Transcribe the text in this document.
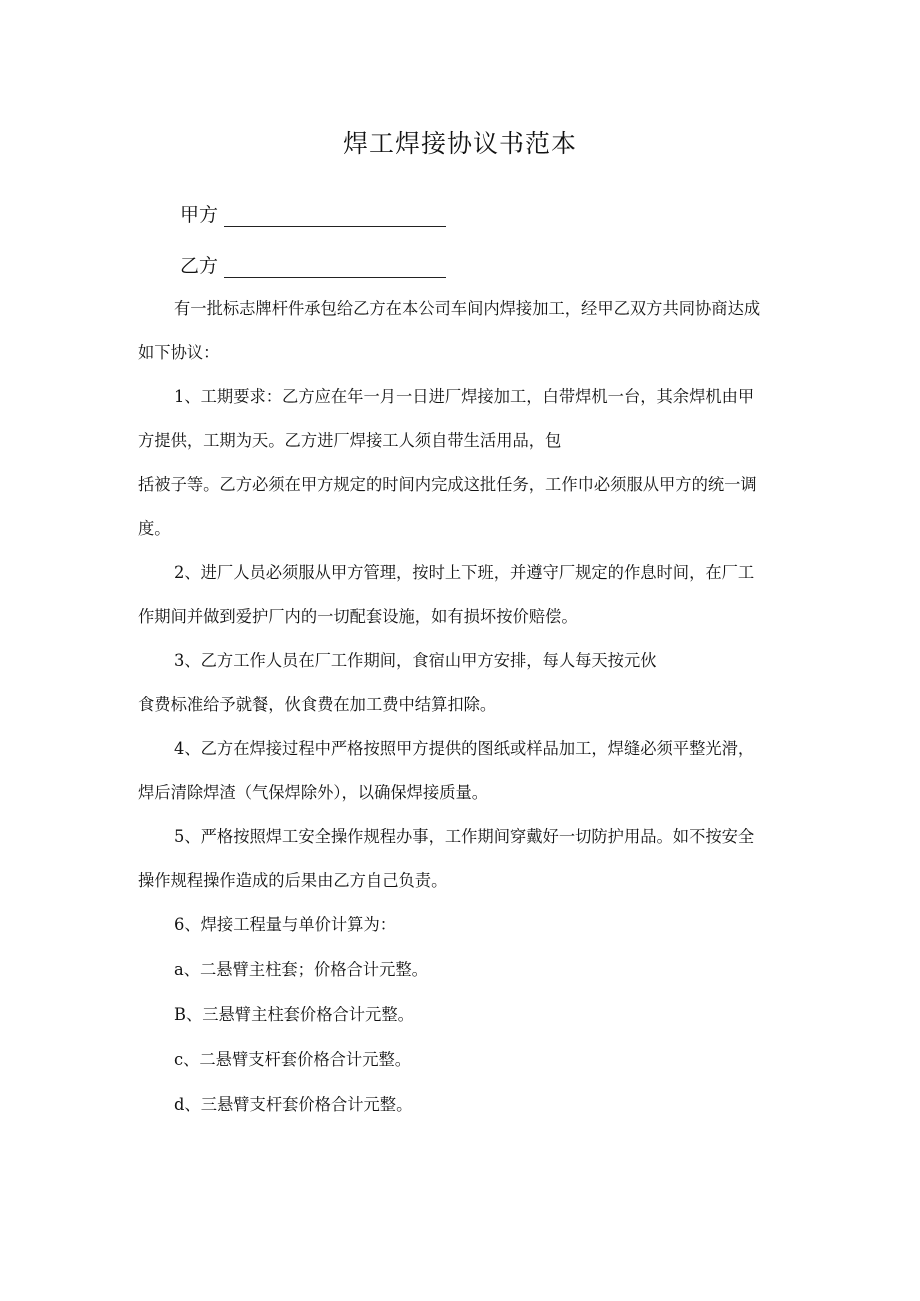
焊工焊接协议书范本
甲方
乙方
有一批标志牌杆件承包给乙方在本公司车间内焊接加工，经甲乙双方共同协商达成
如下协议：
1、工期要求：乙方应在年一月一日进厂焊接加工，白带焊机一台，其余焊机由甲
方提供，工期为天。乙方进厂焊接工人须自带生活用品，包
括被子等。乙方必须在甲方规定的时间内完成这批任务，工作巾必须服从甲方的统一调
度。
2、进厂人员必须服从甲方管理，按时上下班，并遵守厂规定的作息时间，在厂工
作期间并做到爱护厂内的一切配套设施，如有损坏按价赔偿。
3、乙方工作人员在厂工作期间，食宿山甲方安排，每人每天按元伙
食费标准给予就餐，伙食费在加工费中结算扣除。
4、乙方在焊接过程中严格按照甲方提供的图纸或样品加工，焊缝必须平整光滑，
焊后清除焊渣（气保焊除外），以确保焊接质量。
5、严格按照焊工安全操作规程办事，工作期间穿戴好一切防护用品。如不按安全
操作规程操作造成的后果由乙方自己负责。
6、焊接工程量与单价计算为：
a、二悬臂主柱套；价格合计元整。
B、三悬臂主柱套价格合计元整。
c、二悬臂支杆套价格合计元整。
d、三悬臂支杆套价格合计元整。
